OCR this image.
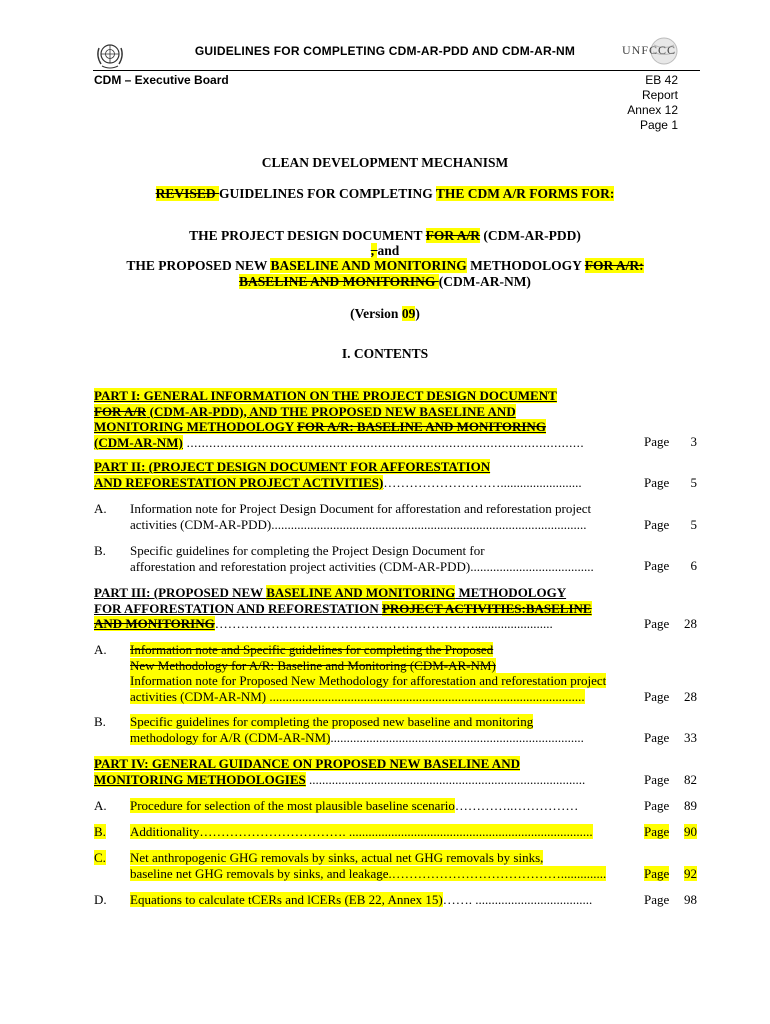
GUIDELINES FOR COMPLETING CDM-AR-PDD AND CDM-AR-NM	UNFCCC
CDM – Executive Board	EB 42
Report
Annex 12
Page 1
CLEAN DEVELOPMENT MECHANISM
REVISED GUIDELINES FOR COMPLETING THE CDM A/R FORMS FOR:
THE PROJECT DESIGN DOCUMENT FOR A/R (CDM-AR-PDD)
, and
THE PROPOSED NEW BASELINE AND MONITORING METHODOLOGY FOR A/R:
BASELINE AND MONITORING (CDM-AR-NM)
(Version 09)
I. CONTENTS
PART I: GENERAL INFORMATION ON THE PROJECT DESIGN DOCUMENT
FOR A/R (CDM-AR-PDD), AND THE PROPOSED NEW BASELINE AND
MONITORING METHODOLOGY FOR A/R: BASELINE AND MONITORING
(CDM-AR-NM) ..........................................................................................................	Page 3
PART II: (PROJECT DESIGN DOCUMENT FOR AFFORESTATION
AND REFORESTATION PROJECT ACTIVITIES)……………………….........................	Page 5
A. Information note for Project Design Document for afforestation and reforestation project
activities (CDM-AR-PDD).................................................................................................	Page 5
B. Specific guidelines for completing the Project Design Document for
afforestation and reforestation project activities (CDM-AR-PDD)......................................	Page 6
PART III: (PROPOSED NEW BASELINE AND MONITORING METHODOLOGY
FOR AFFORESTATION AND REFORESTATION PROJECT ACTIVITIES:BASELINE
AND MONITORING……………………………………………………........................	Page 28
A. Information note and Specific guidelines for completing the Proposed
New Methodology for A/R: Baseline and Monitoring (CDM-AR-NM)
Information note for Proposed New Methodology for afforestation and reforestation project
activities (CDM-AR-NM) .................................................................................................	Page 28
B. Specific guidelines for completing the proposed new baseline and monitoring
methodology for A/R (CDM-AR-NM)..............................................................................	Page 33
PART IV: GENERAL GUIDANCE ON PROPOSED NEW BASELINE AND
MONITORING METHODOLOGIES .....................................................................................	Page 82
A. Procedure for selection of the most plausible baseline scenario…………..……………	Page 89
B. Additionality……………………………. ...........................................................................	Page 90
C. Net anthropogenic GHG removals by sinks, actual net GHG removals by sinks,
baseline net GHG removals by sinks, and leakage.…………………………………..............	Page 92
D. Equations to calculate tCERs and lCERs (EB 22, Annex 15)……. ....................................	Page 98
